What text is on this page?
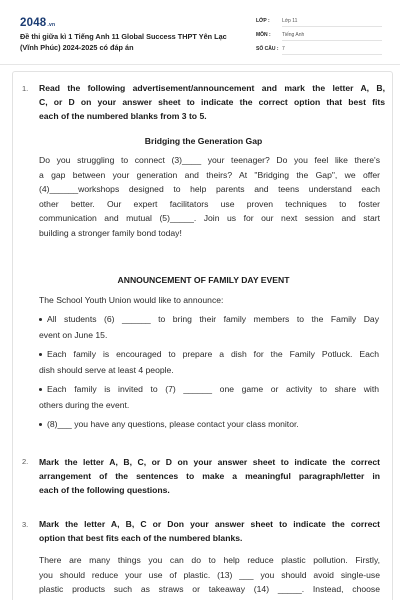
2048.vn
Đề thi giữa kì 1 Tiếng Anh 11 Global Success THPT Yên Lạc (Vĩnh Phúc) 2024-2025 có đáp án
LỚP : Lớp 11
MÔN : Tiếng Anh
SỐ CÂU : 7
1. Read the following advertisement/announcement and mark the letter A, B,
C, or D on your answer sheet to indicate the correct option that best fits
each of the numbered blanks from 3 to 5.
Bridging the Generation Gap
Do you struggling to connect (3)____ your teenager? Do you feel like there's
a gap between your generation and theirs? At "Bridging the Gap", we offer
(4)______workshops designed to help parents and teens understand each
other better. Our expert facilitators use proven techniques to foster
communication and mutual (5)_____. Join us for our next session and start
building a stronger family bond today!
ANNOUNCEMENT OF FAMILY DAY EVENT
The School Youth Union would like to announce:
All students (6) ______ to bring their family members to the Family Day
event on June 15.
Each family is encouraged to prepare a dish for the Family Potluck. Each
dish should serve at least 4 people.
Each family is invited to (7) ______ one game or activity to share with
others during the event.
(8)___ you have any questions, please contact your class monitor.
2. Mark the letter A, B, C, or D on your answer sheet to indicate the correct
arrangement of the sentences to make a meaningful paragraph/letter in
each of the following questions.
3. Mark the letter A, B, C or Don your answer sheet to indicate the correct
option that best fits each of the numbered blanks.
There are many things you can do to help reduce plastic pollution. Firstly,
you should reduce your use of plastic. (13) ___ you should avoid single-use
plastic products such as straws or takeaway (14) _____. Instead, choose
